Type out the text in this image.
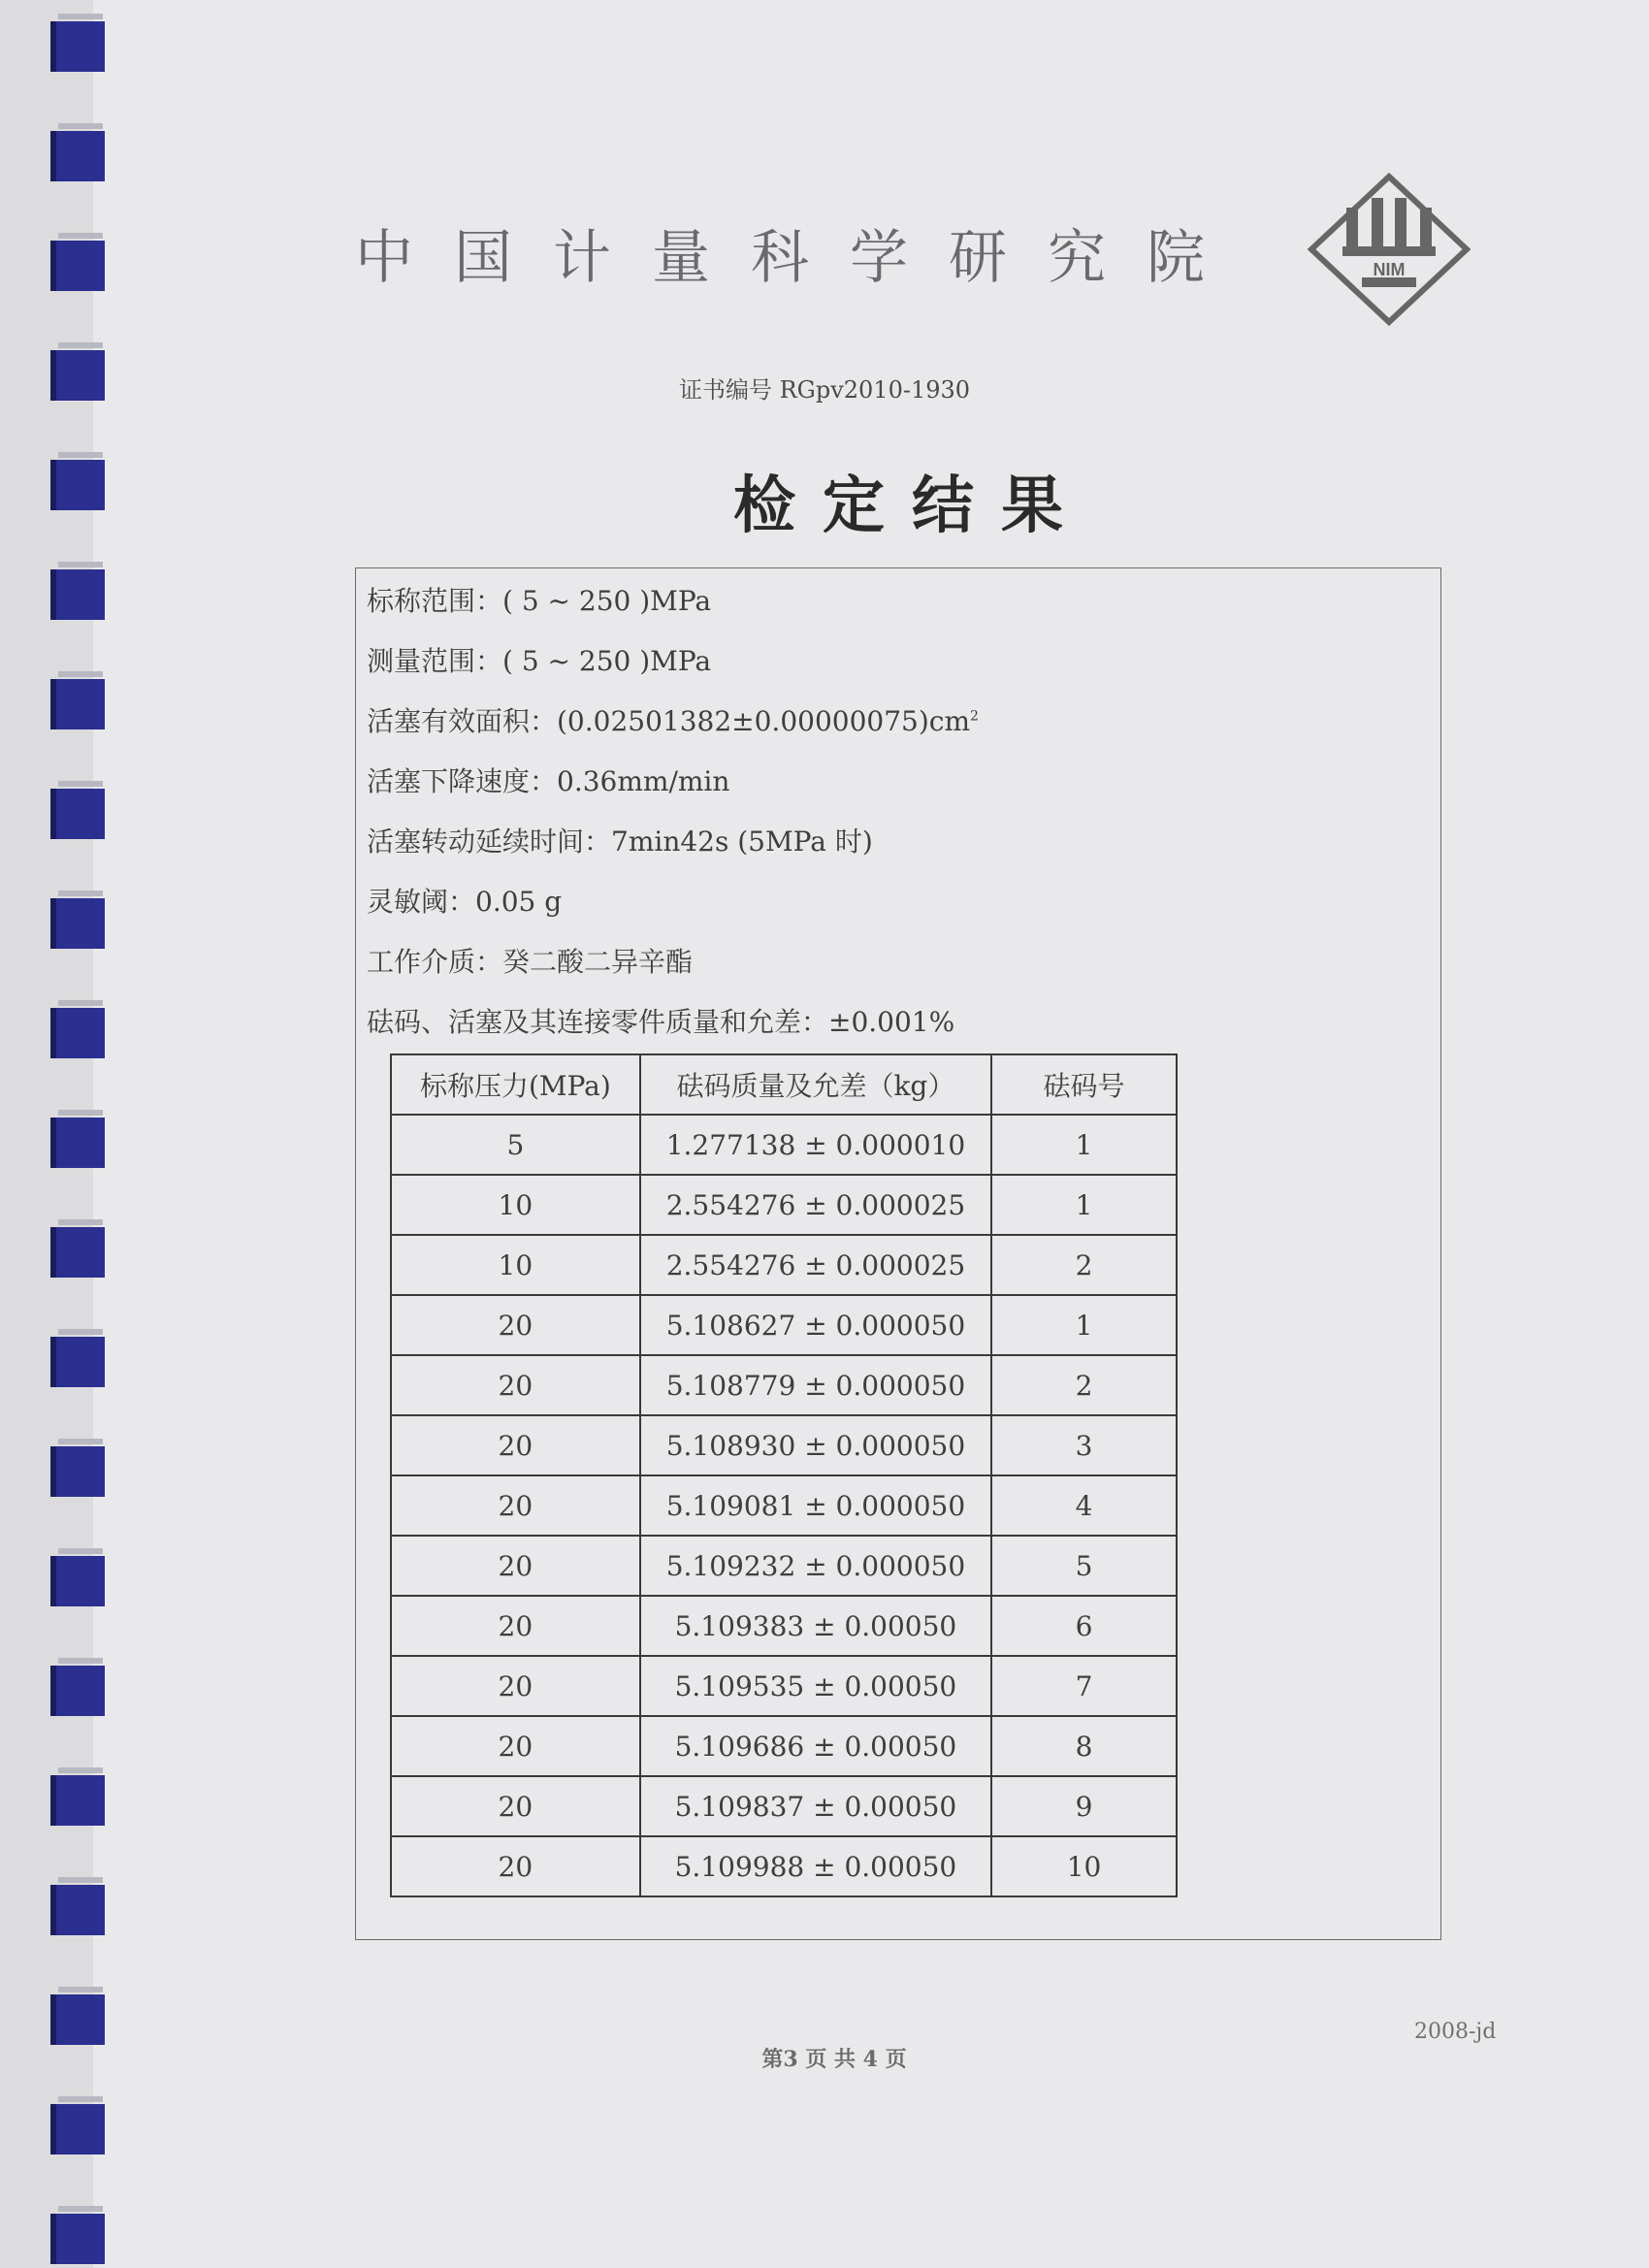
中国计量科学研究院	NIM
证书编号 RGpv2010-1930
检定结果
标称范围：( 5 ~ 250 )MPa
测量范围：( 5 ~ 250 )MPa
活塞有效面积：$(0.02501382\pm 0.00000075)cm^2$
活塞下降速度：0.36mm/min
活塞转动延续时间：7min42s (5MPa 时)
灵敏阈：0.05 g
工作介质：癸二酸二异辛酯
砝码、活塞及其连接零件质量和允差：±0.001%
标称压力(MPa)	砝码质量及允差（kg）	砝码号
5	1.277138 ± 0.000010	1
10	2.554276 ± 0.000025	1
10	2.554276 ± 0.000025	2
20	5.108627 ± 0.000050	1
20	5.108779 ± 0.000050	2
20	5.108930 ± 0.000050	3
20	5.109081 ± 0.000050	4
20	5.109232 ± 0.000050	5
20	5.109383 ± 0.00050	6
20	5.109535 ± 0.00050	7
20	5.109686 ± 0.00050	8
20	5.109837 ± 0.00050	9
20	5.109988 ± 0.00050	10
2008-jd
第3 页 共 4 页
